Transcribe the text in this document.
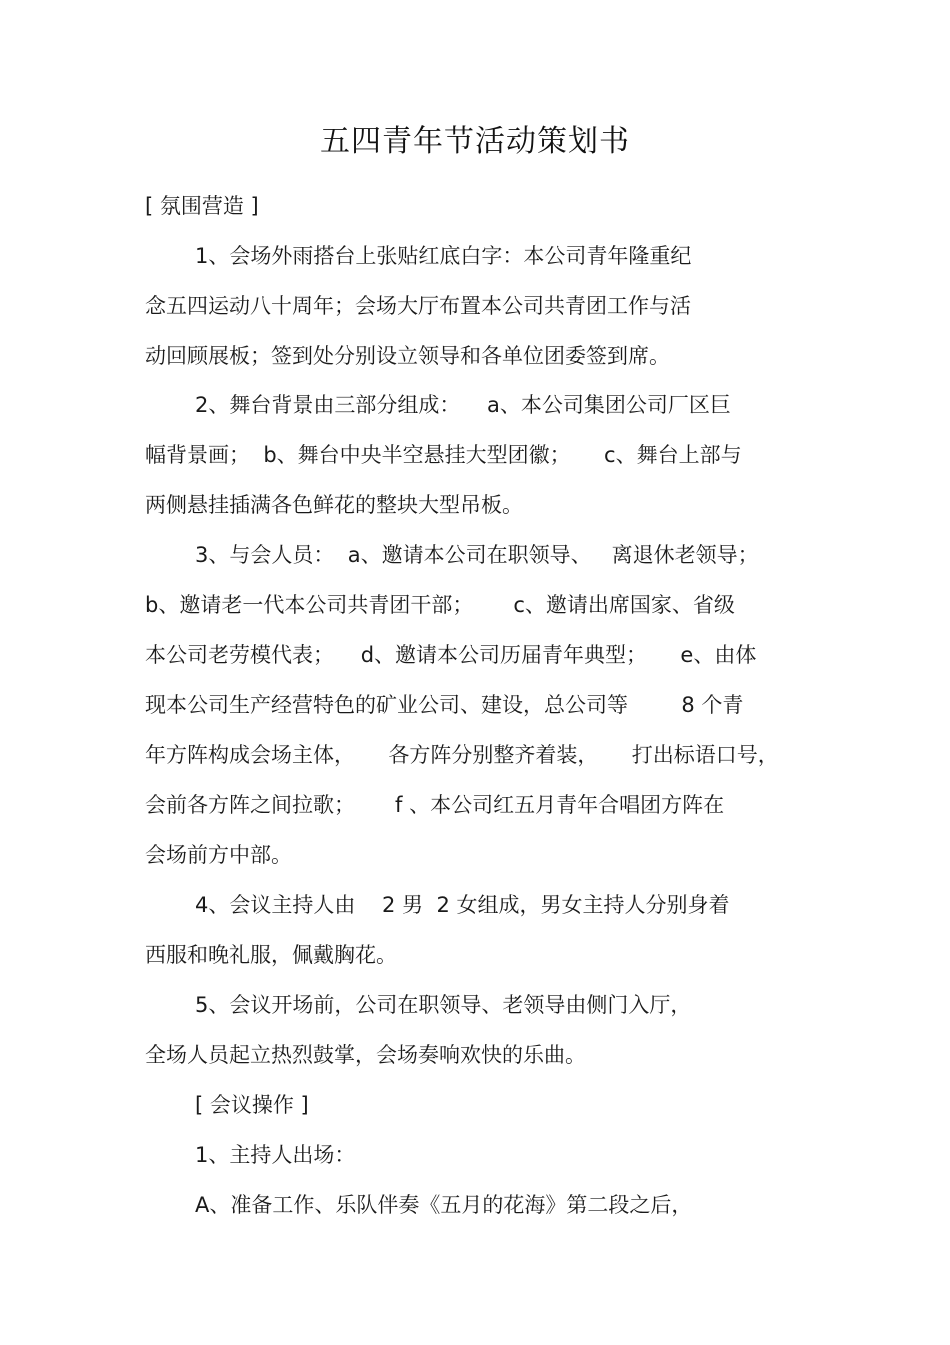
五四青年节活动策划书

[ 氛围营造 ]

1、会场外雨搭台上张贴红底白字：本公司青年隆重纪

念五四运动八十周年；会场大厅布置本公司共青团工作与活

动回顾展板；签到处分别设立领导和各单位团委签到席。

2、舞台背景由三部分组成：    a、本公司集团公司厂区巨

幅背景画；  b、舞台中央半空悬挂大型团徽；     c、舞台上部与

两侧悬挂插满各色鲜花的整块大型吊板。

3、与会人员：  a、邀请本公司在职领导、   离退休老领导；

b、邀请老一代本公司共青团干部；      c、邀请出席国家、省级

本公司老劳模代表；    d、邀请本公司历届青年典型；     e、由体

现本公司生产经营特色的矿业公司、建设，总公司等        8 个青

年方阵构成会场主体，     各方阵分别整齐着装，     打出标语口号，

会前各方阵之间拉歌；      f 、本公司红五月青年合唱团方阵在

会场前方中部。

4、会议主持人由    2 男  2 女组成，男女主持人分别身着

西服和晚礼服，佩戴胸花。

5、会议开场前，公司在职领导、老领导由侧门入厅，

全场人员起立热烈鼓掌，会场奏响欢快的乐曲。

[ 会议操作 ]

1、主持人出场：

A、准备工作、乐队伴奏《五月的花海》第二段之后，
